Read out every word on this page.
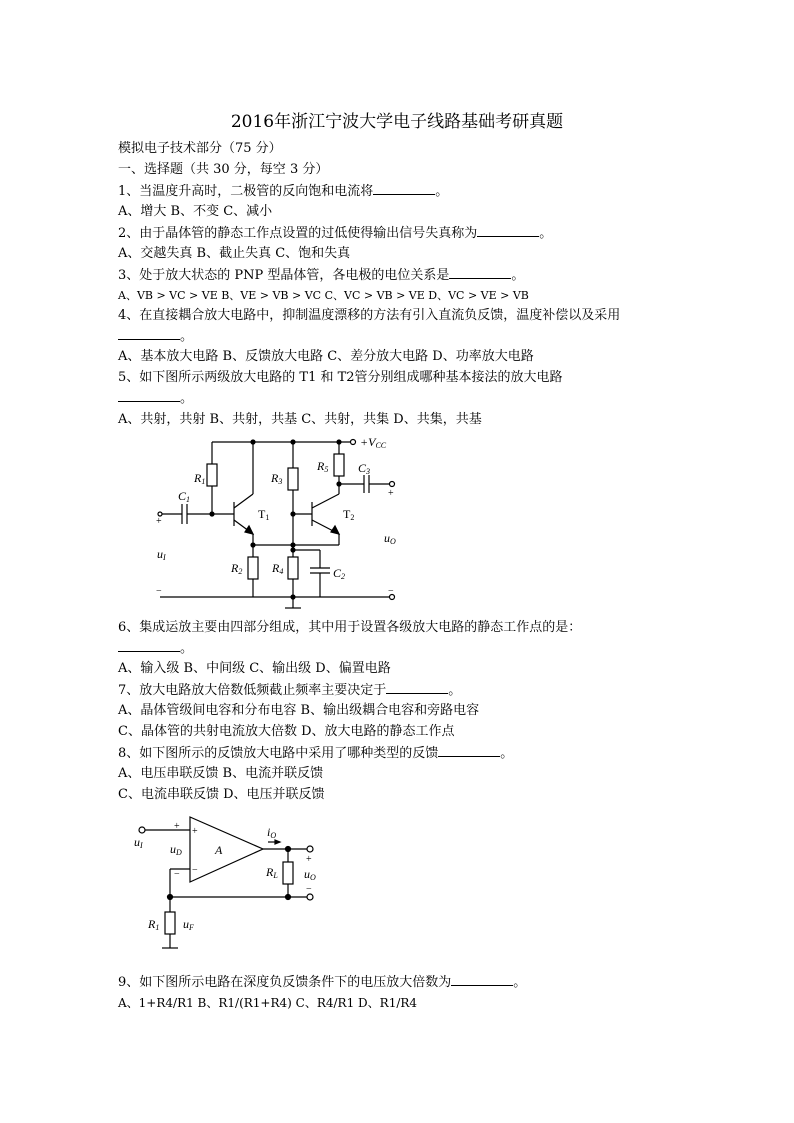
2016年浙江宁波大学电子线路基础考研真题
模拟电子技术部分（75 分）
一、选择题（共 30 分，每空 3 分）
1、当温度升高时，二极管的反向饱和电流将	。
A、增大 B、不变 C、减小
2、由于晶体管的静态工作点设置的过低使得输出信号失真称为	。
A、交越失真 B、截止失真 C、饱和失真
3、处于放大状态的 PNP 型晶体管，各电极的电位关系是	。
A、VB > VC > VE B、VE > VB > VC C、VC > VB > VE D、VC > VE > VB
4、在直接耦合放大电路中，抑制温度漂移的方法有引入直流负反馈，温度补偿以及采用
。
A、基本放大电路 B、反馈放大电路 C、差分放大电路 D、功率放大电路
5、如下图所示两级放大电路的 T1 和 T2管分别组成哪种基本接法的放大电路
。
A、共射，共射 B、共射，共基 C、共射，共集 D、共集，共基
+VCC
R1
C1
T1
R3
R5 C3
T2
R2 R4	C2
uI
uO
+
−
+
−
6、集成运放主要由四部分组成，其中用于设置各级放大电路的静态工作点的是：
。
A、输入级 B、中间级 C、输出级 D、偏置电路
7、放大电路放大倍数低频截止频率主要决定于	。
A、晶体管级间电容和分布电容 B、输出级耦合电容和旁路电容
C、晶体管的共射电流放大倍数 D、放大电路的静态工作点
8、如下图所示的反馈放大电路中采用了哪种类型的反馈	。
A、电压串联反馈 B、电流并联反馈
C、电流串联反馈 D、电压并联反馈
A
+
−
+
−
uI uD
iO
RL uO
+
−
R1 uF
9、如下图所示电路在深度负反馈条件下的电压放大倍数为	。
A、1+R4/R1 B、R1/(R1+R4) C、R4/R1 D、R1/R4
